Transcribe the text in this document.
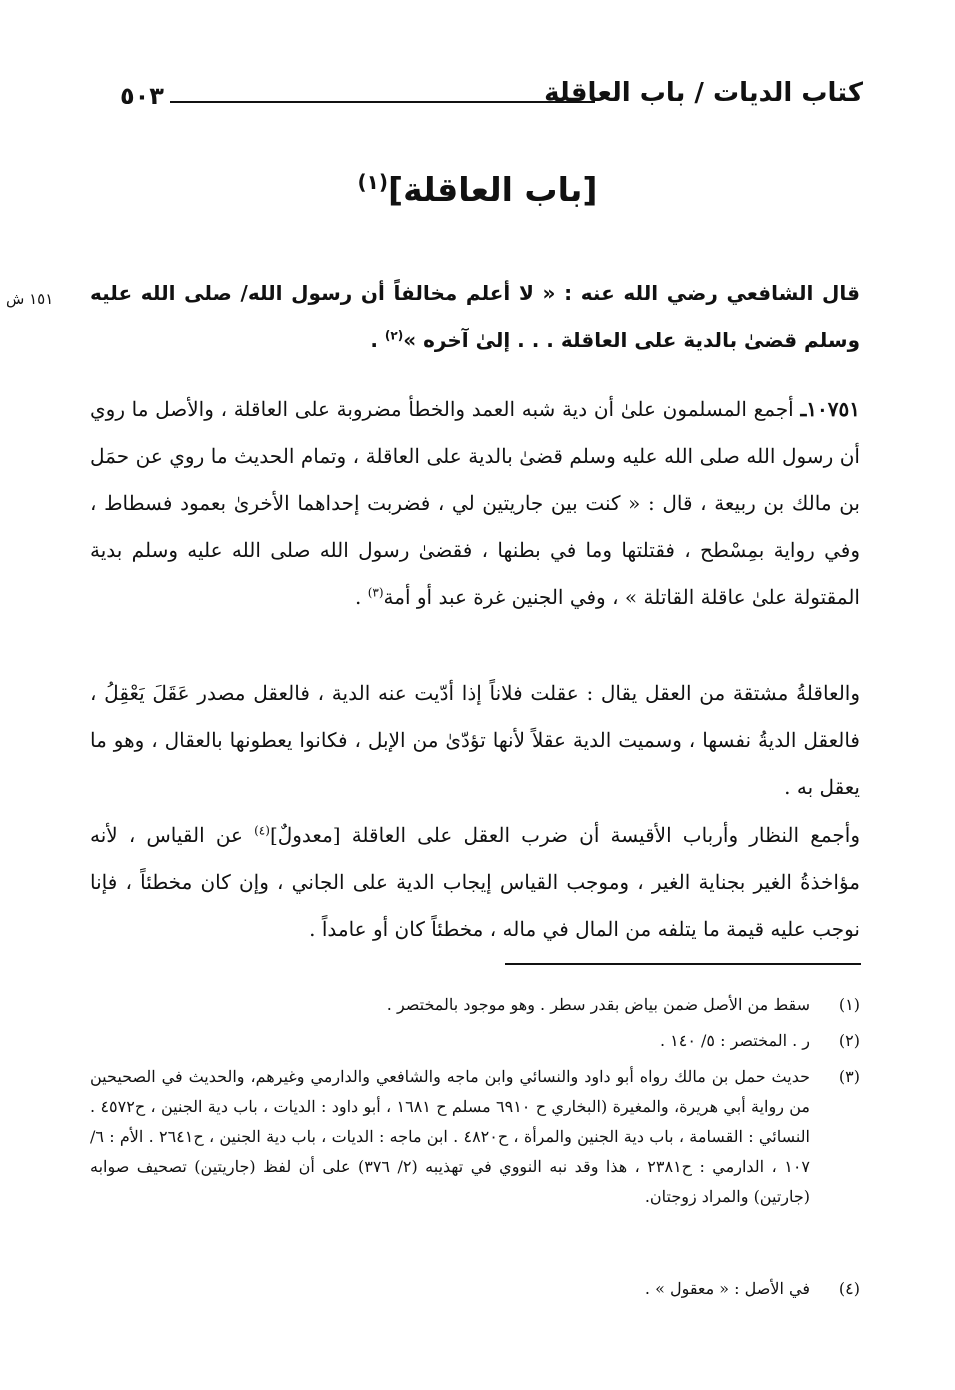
كتاب الديات / باب العاقلة
٥٠٣
[باب العاقلة]$^{(١)}$
١٥١ ش قال الشافعي رضي الله عنه : « لا أعلم مخالفاً أن رسول الله/ صلى الله عليه وسلم قضىٰ بالدية على العاقلة . . . إلىٰ آخره »$^{(٢)}$ .

١٠٧٥١ـ أجمع المسلمون علىٰ أن دية شبه العمد والخطأ مضروبة على العاقلة ، والأصل ما روي أن رسول الله صلى الله عليه وسلم قضىٰ بالدية على العاقلة ، وتمام الحديث ما روي عن حمَل بن مالك بن ربيعة ، قال : « كنت بين جاريتين لي ، فضربت إحداهما الأخرىٰ بعمود فسطاط ، وفي رواية بمِسْطح ، فقتلتها وما في بطنها ، فقضىٰ رسول الله صلى الله عليه وسلم بدية المقتولة علىٰ عاقلة القاتلة » ، وفي الجنين غرة عبد أو أمة$^{(٣)}$ .

والعاقلةُ مشتقة من العقل يقال : عقلت فلاناً إذا أدّيت عنه الدية ، فالعقل مصدر عَقَلَ يَعْقِلُ ، فالعقل الديةُ نفسها ، وسميت الدية عقلاً لأنها تؤدّىٰ من الإبل ، فكانوا يعطونها بالعقال ، وهو ما يعقل به .

وأجمع النظار وأرباب الأقيسة أن ضرب العقل على العاقلة [معدولٌ]$^{(٤)}$ عن القياس ، لأنه مؤاخذةُ الغير بجناية الغير ، وموجب القياس إيجاب الدية على الجاني ، وإن كان مخطئاً ، فإنا نوجب عليه قيمة ما يتلفه من المال في ماله ، مخطئاً كان أو عامداً .

(١)
سقط من الأصل ضمن بياض بقدر سطر . وهو موجود بالمختصر .
(٢)
ر . المختصر : ٥/ ١٤٠ .
(٣)
حديث حمل بن مالك رواه أبو داود والنسائي وابن ماجه والشافعي والدارمي وغيرهم، والحديث في الصحيحين من رواية أبي هريرة، والمغيرة (البخاري ح ٦٩١٠ مسلم ح ١٦٨١ ، أبو داود : الديات ، باب دية الجنين ، ح٤٥٧٢ . النسائي : القسامة ، باب دية الجنين والمرأة ، ح٤٨٢٠ . ابن ماجه : الديات ، باب دية الجنين ، ح٢٦٤١ . الأم : ٦/ ١٠٧ ، الدارمي : ح٢٣٨١ ، هذا وقد نبه النووي في تهذيبه (٢/ ٣٧٦) على أن لفظ (جاريتين) تصحيف صوابه (جارتين) والمراد زوجتان.
(٤)
في الأصل : « معقول » .
